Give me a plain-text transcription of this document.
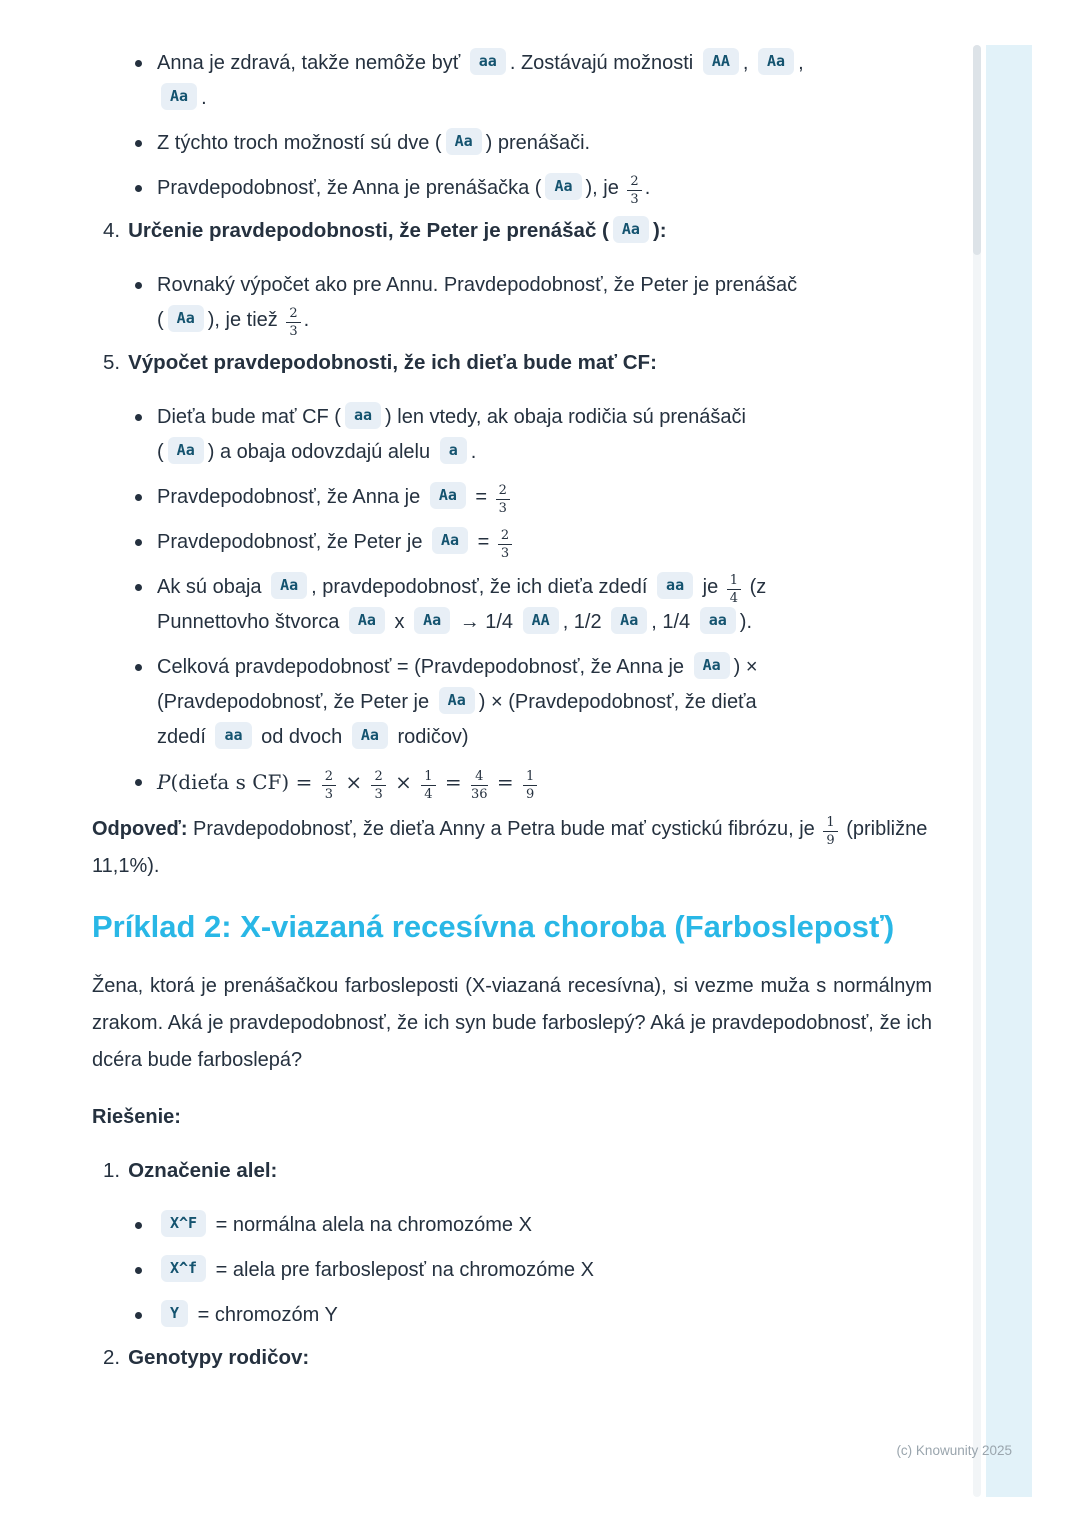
Anna je zdravá, takže nemôže byť aa . Zostávajú možnosti AA , Aa ,
Aa .
Z týchto troch možností sú dve ( Aa ) prenášači.
Pravdepodobnosť, že Anna je prenášačka ( Aa ), je $\frac{2}{3}$ .
4. Určenie pravdepodobnosti, že Peter je prenášač ( Aa ):
Rovnaký výpočet ako pre Annu. Pravdepodobnosť, že Peter je prenášač
( Aa ), je tiež $\frac{2}{3}$ .
5. Výpočet pravdepodobnosti, že ich dieťa bude mať CF:
Dieťa bude mať CF ( aa ) len vtedy, ak obaja rodičia sú prenášači
( Aa ) a obaja odovzdajú alelu a .
Pravdepodobnosť, že Anna je $Aa = \frac{2}{3}$
Pravdepodobnosť, že Peter je $Aa = \frac{2}{3}$
Ak sú obaja Aa , pravdepodobnosť, že ich dieťa zdedí aa je $\frac{1}{4} (z$
Punnettovho štvorca Aa x Aa → 1/4 AA , 1/2 Aa , 1/4 aa ).
Celková pravdepodobnosť = (Pravdepodobnosť, že Anna je Aa ) ×
(Pravdepodobnosť, že Peter je Aa ) × (Pravdepodobnosť, že dieťa
zdedí aa od dvoch Aa rodičov)
P(dieťa s $CF) = \frac{2}{3} \times \frac{2}{3} \times \frac{1}{4} = \frac{4}{36} = \frac{1}{9}$
Odpoveď: Pravdepodobnosť, že dieťa Anny a Petra bude mať cystickú fibrózu, je $\frac{1}{9}$ (približne 11,1%).
Príklad 2: X-viazaná recesívna choroba (Farbosleposť)
Žena, ktorá je prenášačkou farbosleposti (X-viazaná recesívna), si vezme muža s normálnym zrakom. Aká je pravdepodobnosť, že ich syn bude farboslepý? Aká je pravdepodobnosť, že ich dcéra bude farboslepá?
Riešenie:
1. Označenie alel:
X^F = normálna alela na chromozóme X
X^f = alela pre farbosleposť na chromozóme X
Y = chromozóm Y
2. Genotypy rodičov:
(c) Knowunity 2025
